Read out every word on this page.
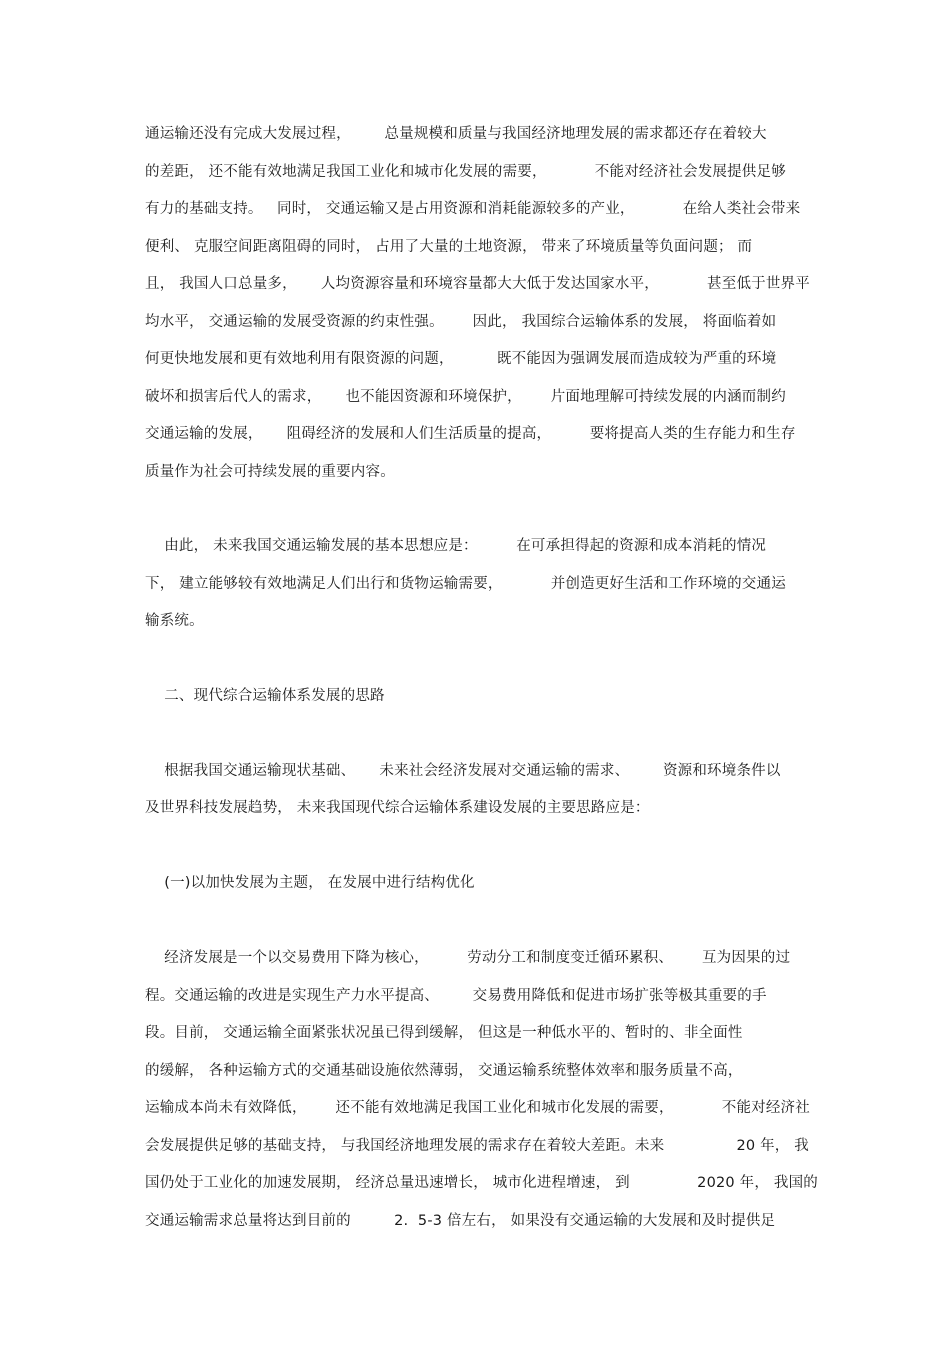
通运输还没有完成大发展过程，       总量规模和质量与我国经济地理发展的需求都还存在着较大
的差距， 还不能有效地满足我国工业化和城市化发展的需要，          不能对经济社会发展提供足够
有力的基础支持。   同时， 交通运输又是占用资源和消耗能源较多的产业，          在给人类社会带来
便利、 克服空间距离阻碍的同时， 占用了大量的土地资源， 带来了环境质量等负面问题； 而
且， 我国人口总量多，     人均资源容量和环境容量都大大低于发达国家水平，          甚至低于世界平
均水平， 交通运输的发展受资源的约束性强。      因此， 我国综合运输体系的发展， 将面临着如
何更快地发展和更有效地利用有限资源的问题，         既不能因为强调发展而造成较为严重的环境
破坏和损害后代人的需求，     也不能因资源和环境保护，      片面地理解可持续发展的内涵而制约
交通运输的发展，     阻碍经济的发展和人们生活质量的提高，        要将提高人类的生存能力和生存
质量作为社会可持续发展的重要内容。
由此， 未来我国交通运输发展的基本思想应是：        在可承担得起的资源和成本消耗的情况
下， 建立能够较有效地满足人们出行和货物运输需要，          并创造更好生活和工作环境的交通运
输系统。
二、现代综合运输体系发展的思路
根据我国交通运输现状基础、     未来社会经济发展对交通运输的需求、       资源和环境条件以
及世界科技发展趋势， 未来我国现代综合运输体系建设发展的主要思路应是：
(一)以加快发展为主题， 在发展中进行结构优化
经济发展是一个以交易费用下降为核心，        劳动分工和制度变迁循环累积、      互为因果的过
程。交通运输的改进是实现生产力水平提高、       交易费用降低和促进市场扩张等极其重要的手
段。目前， 交通运输全面紧张状况虽已得到缓解， 但这是一种低水平的、暂时的、非全面性
的缓解， 各种运输方式的交通基础设施依然薄弱， 交通运输系统整体效率和服务质量不高，
运输成本尚未有效降低，      还不能有效地满足我国工业化和城市化发展的需要，          不能对经济社
会发展提供足够的基础支持， 与我国经济地理发展的需求存在着较大差距。未来               20 年， 我
国仍处于工业化的加速发展期， 经济总量迅速增长， 城市化进程增速， 到              2020 年， 我国的
交通运输需求总量将达到目前的         2.  5-3 倍左右， 如果没有交通运输的大发展和及时提供足
